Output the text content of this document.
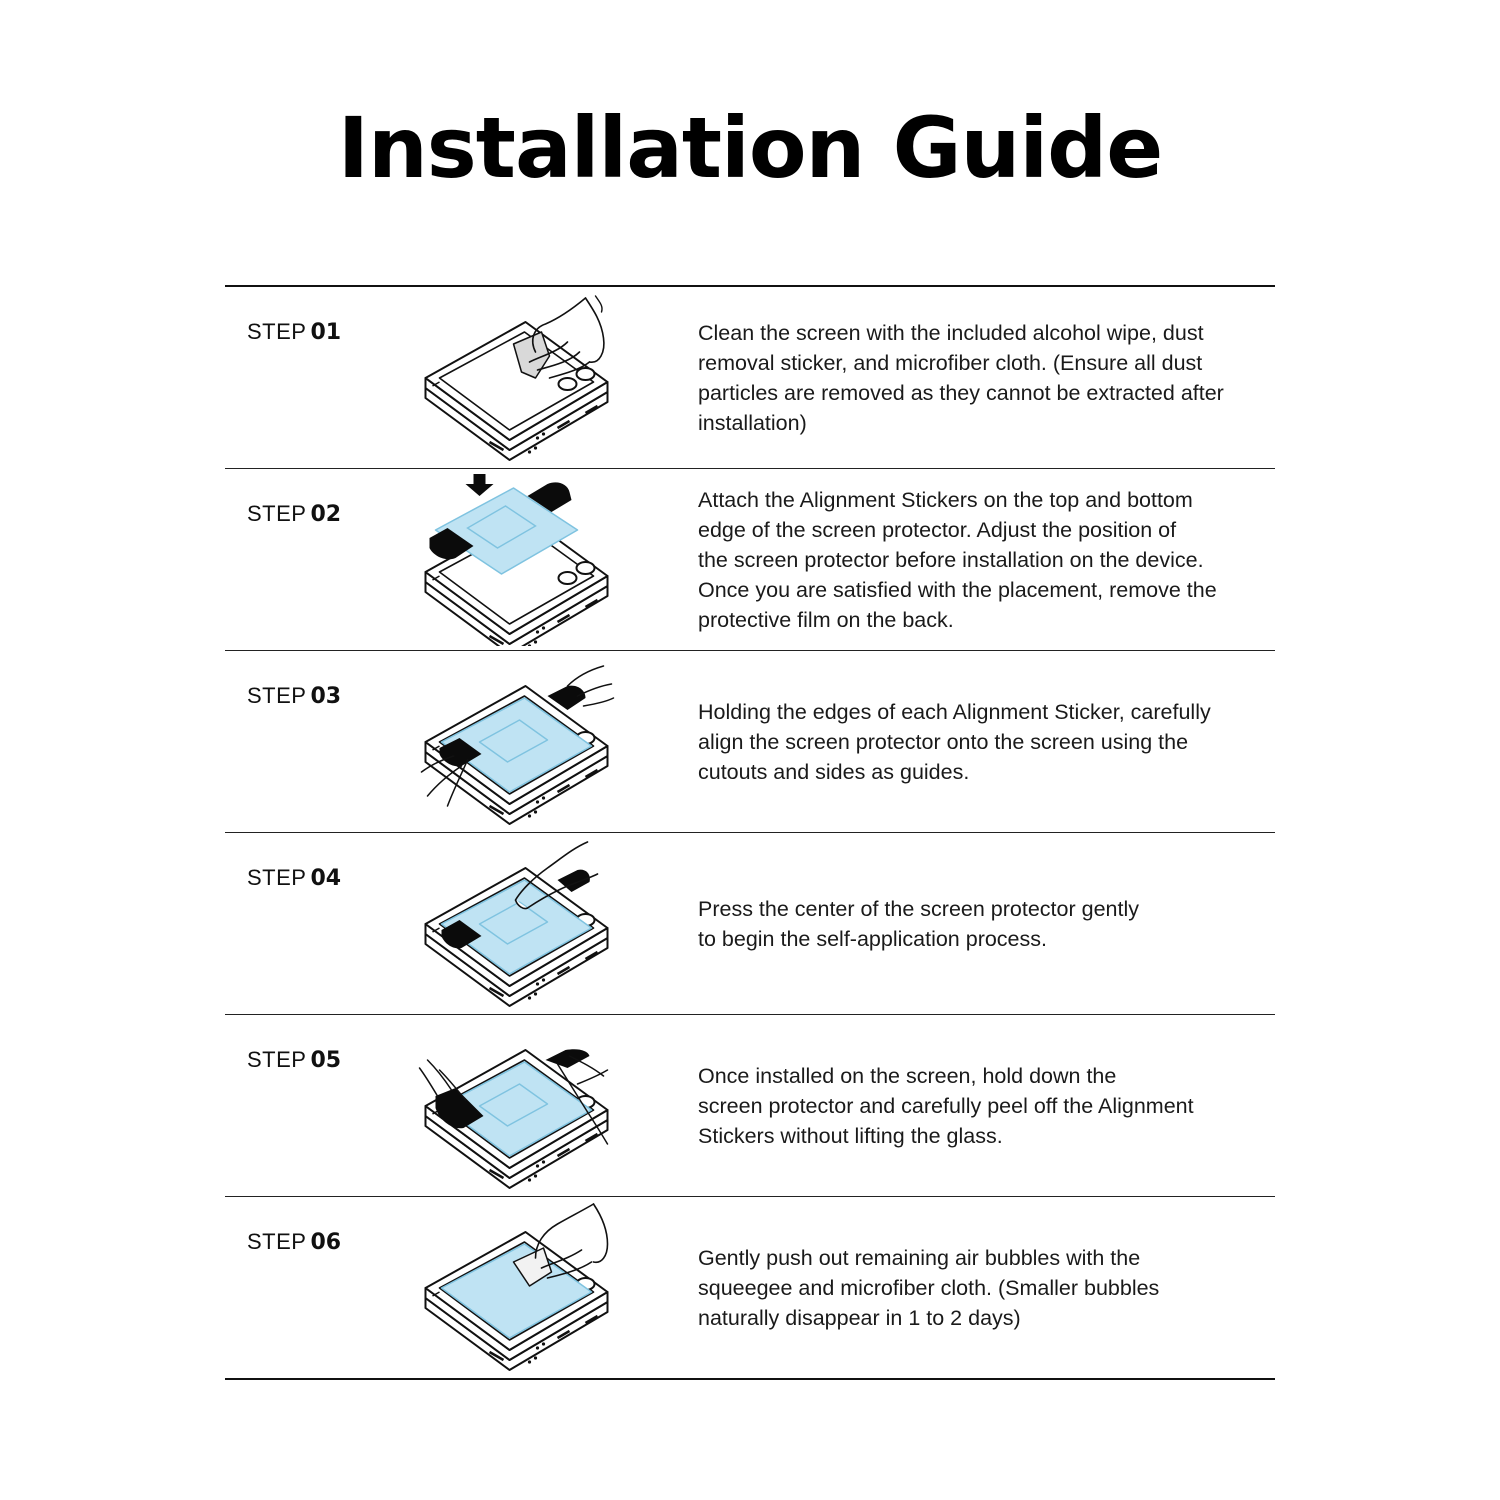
Installation Guide
STEP 01	Clean the screen with the included alcohol wipe, dust
removal sticker, and microfiber cloth. (Ensure all dust
particles are removed as they cannot be extracted after
installation)
STEP 02
Attach the Alignment Stickers on the top and bottom
edge of the screen protector. Adjust the position of
the screen protector before installation on the device.
Once you are satisfied with the placement, remove the
protective film on the back.
STEP 03
Holding the edges of each Alignment Sticker, carefully
align the screen protector onto the screen using the
cutouts and sides as guides.
STEP 04
Press the center of the screen protector gently
to begin the self-application process.
STEP 05
Once installed on the screen, hold down the
screen protector and carefully peel off the Alignment
Stickers without lifting the glass.
STEP 06
Gently push out remaining air bubbles with the
squeegee and microfiber cloth. (Smaller bubbles
naturally disappear in 1 to 2 days)
